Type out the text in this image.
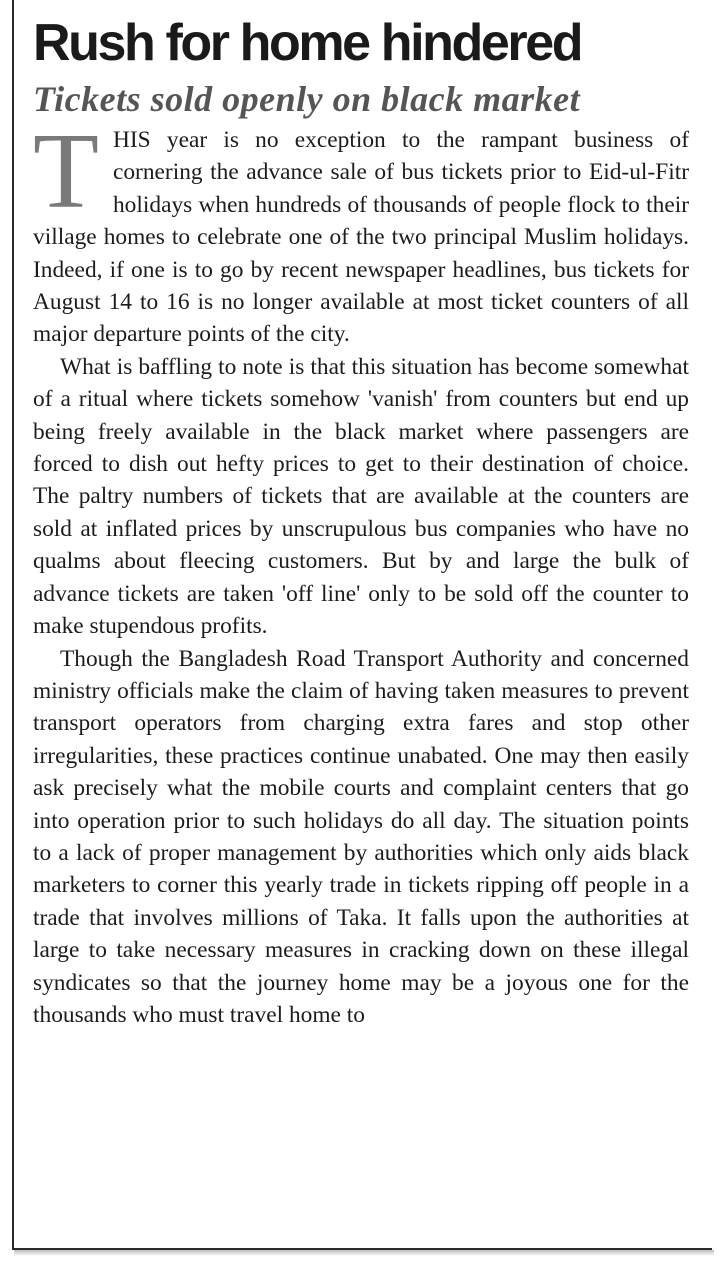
Rush for home hindered
Tickets sold openly on black market

THIS year is no exception to the rampant business of cornering the advance sale of bus tickets prior to Eid-ul-Fitr holidays when hundreds of thousands of people flock to their village homes to celebrate one of the two principal Muslim holidays. Indeed, if one is to go by recent newspaper headlines, bus tickets for August 14 to 16 is no longer available at most ticket counters of all major departure points of the city.

What is baffling to note is that this situation has become somewhat of a ritual where tickets somehow 'vanish' from counters but end up being freely available in the black market where passengers are forced to dish out hefty prices to get to their destination of choice. The paltry numbers of tickets that are available at the counters are sold at inflated prices by unscrupulous bus companies who have no qualms about fleecing customers. But by and large the bulk of advance tickets are taken 'off line' only to be sold off the counter to make stupendous profits.

Though the Bangladesh Road Transport Authority and concerned ministry officials make the claim of having taken measures to prevent transport operators from charging extra fares and stop other irregularities, these practices continue unabated. One may then easily ask precisely what the mobile courts and complaint centers that go into operation prior to such holidays do all day. The situation points to a lack of proper management by authorities which only aids black marketers to corner this yearly trade in tickets ripping off people in a trade that involves millions of Taka. It falls upon the authorities at large to take necessary measures in cracking down on these illegal syndicates so that the journey home may be a joyous one for the thousands who must travel home to
